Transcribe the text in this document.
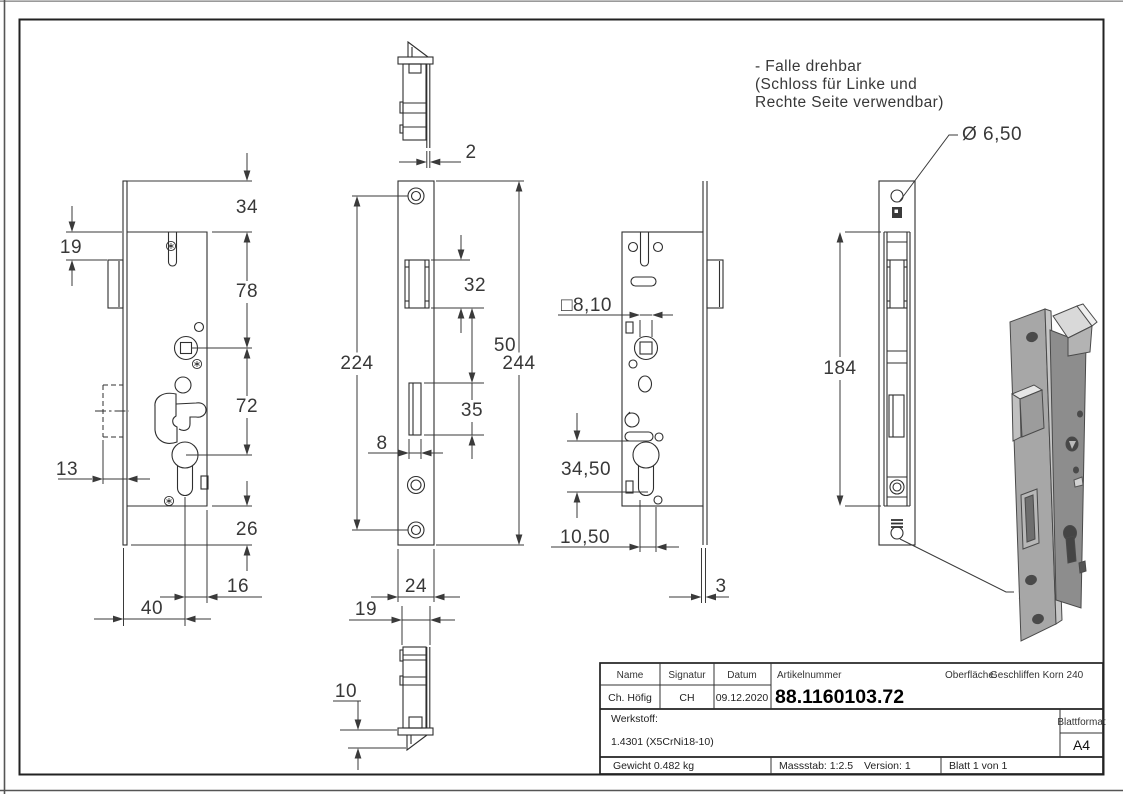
34
78
72
26
19
13
16
40
2
224	244
32
50
35
8
24
19
10
□8,10
34,50
10,50
3
184
Ø 6,50
- Falle drehbar
(Schloss für Linke und
Rechte Seite verwendbar)
Name	Signatur Datum Artikelnummer	Oberfläche:
Geschliffen Korn 240
Ch. Höfig	CH 09.12.2020 88.1160103.72
Werkstoff:
1.4301 (X5CrNi18-10)
Blattformat
A4
Gewicht 0.482 kg	Massstab: 1:2.5 Version: 1	Blatt 1 von 1
